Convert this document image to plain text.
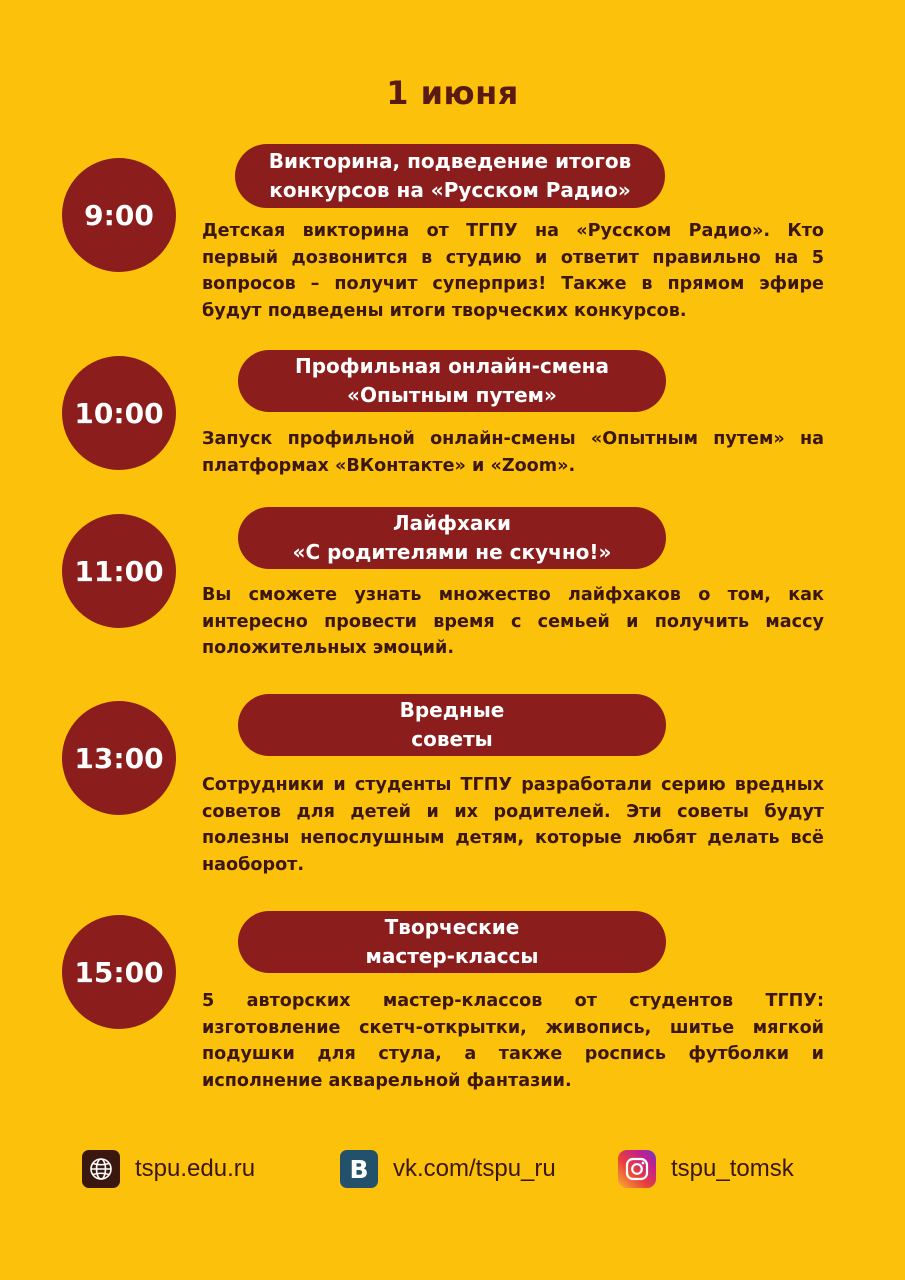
1 июня
9:00
Викторина, подведение итогов
конкурсов на «Русском Радио»
Детская викторина от ТГПУ на «Русском Радио». Кто первый дозвонится в студию и ответит правильно на 5 вопросов – получит суперприз! Также в прямом эфире будут подведены итоги творческих конкурсов.
10:00
Профильная онлайн-смена
«Опытным путем»
Запуск профильной онлайн-смены «Опытным путем» на платформах «ВКонтакте» и «Zoom».
11:00
Лайфхаки
«С родителями не скучно!»
Вы сможете узнать множество лайфхаков о том, как интересно провести время с семьей и получить массу положительных эмоций.
13:00
Вредные
советы
Сотрудники и студенты ТГПУ разработали серию вредных советов для детей и их родителей. Эти советы будут полезны непослушным детям, которые любят делать всё наоборот.
15:00
Творческие
мастер-классы
5 авторских мастер-классов от студентов ТГПУ: изготовление скетч-открытки, живопись, шитье мягкой подушки для стула, а также роспись футболки и исполнение акварельной фантазии.
tspu.edu.ru	В vk.com/tspu_ru	tspu_tomsk
